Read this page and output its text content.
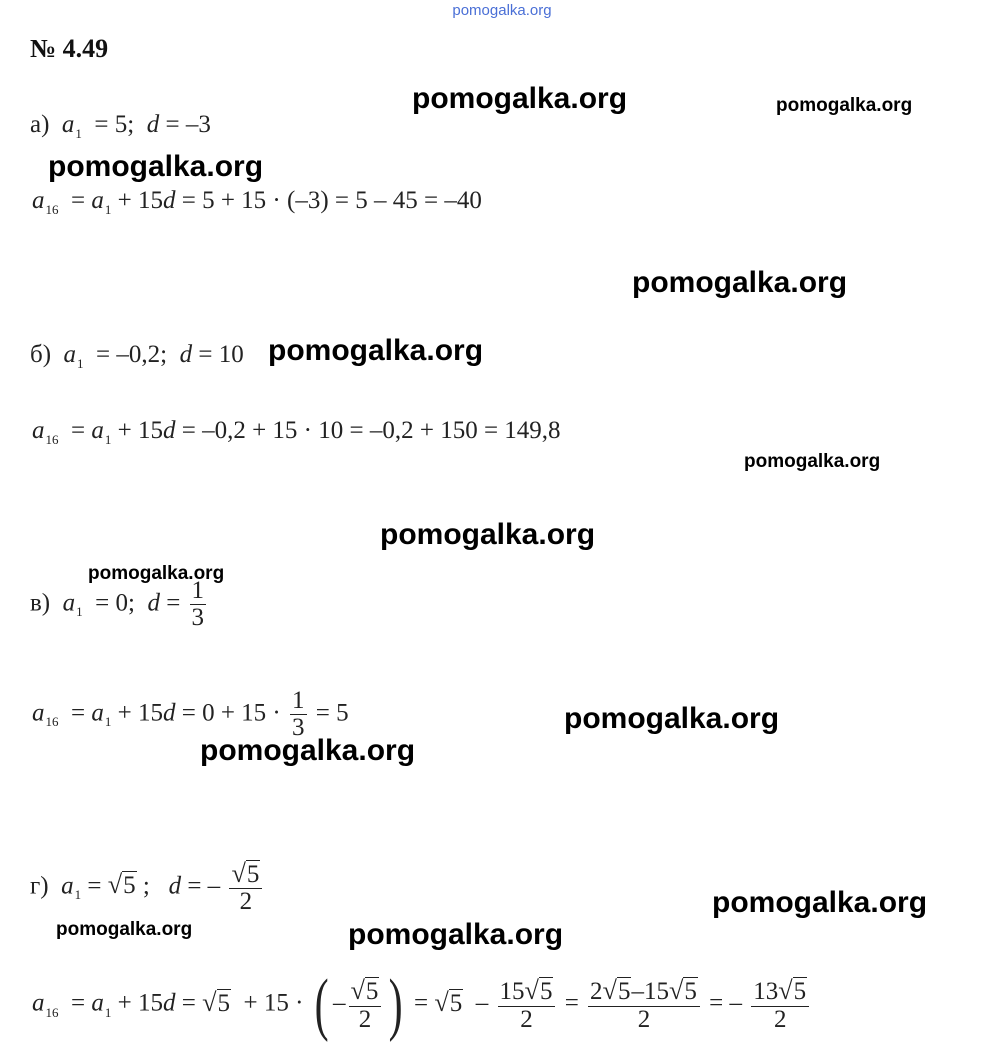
pomogalka.org
№ 4.49
pomogalka.org	pomogalka.org
pomogalka.org
pomogalka.org
pomogalka.org
pomogalka.org
pomogalka.org
pomogalka.org
pomogalka.org
pomogalka.org
pomogalka.org
pomogalka.org	pomogalka.org
а) $a_1 = 5$; d = –3
$a_{16} = a_1 + 15d = 5 + 15 \cdot (-3) = 5 - 45 = -40$
б) $a_1 = -0,2$; d = 10
$a_{16} = a_1 + 15d = -0,2 + 15 \cdot 10 = -0,2 + 150 = 149,8$
в) $a_1 = 0$; $d = \frac{1}{3}$
$a_{16} = a_1 + 15d = 0 + 15 \cdot \frac{1}{3} = 5$
г) $a_1 = √5$ ; d = – $\frac{√5}{2}$
$a_{16} = a_1 + 15d = √5 + 15$ · ( – $\frac{√5}{2}$ ) = $√5 - \frac{15√5}{2} = \frac{2√5-15√5}{2}$ = – $\frac{13√5}{2}$
